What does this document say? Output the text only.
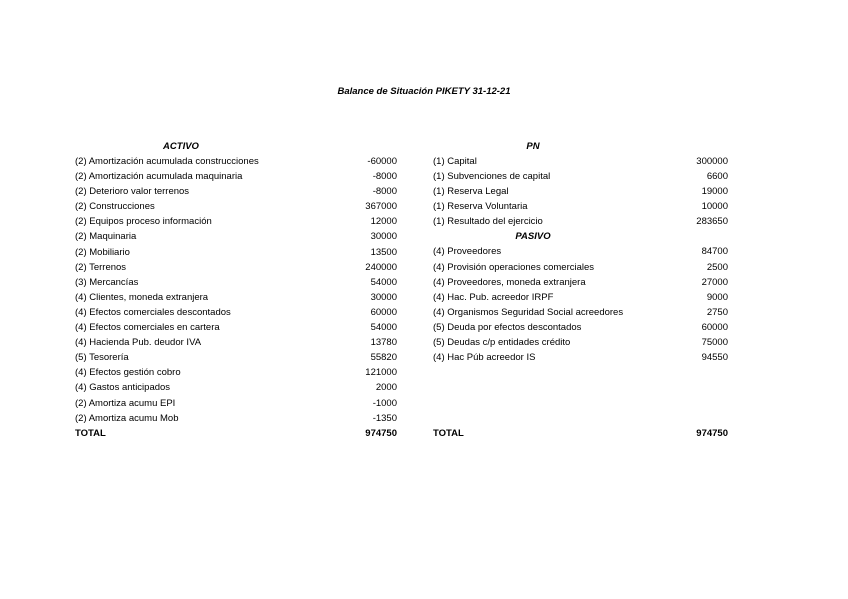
Balance de Situación PIKETY 31-12-21
ACTIVO
(2) Amortización acumulada construcciones	-60000
(2) Amortización acumulada maquinaria	-8000
(2) Deterioro valor terrenos	-8000
(2) Construcciones	367000
(2) Equipos proceso información	12000
(2) Maquinaria	30000
(2) Mobiliario	13500
(2) Terrenos	240000
(3) Mercancías	54000
(4) Clientes, moneda extranjera	30000
(4) Efectos comerciales descontados	60000
(4) Efectos comerciales en cartera	54000
(4) Hacienda Pub. deudor IVA	13780
(5) Tesorería	55820
(4) Efectos gestión cobro	121000
(4) Gastos anticipados	2000
(2) Amortiza acumu EPI	-1000
(2) Amortiza acumu Mob	-1350
TOTAL	974750
PN
(1) Capital	300000
(1) Subvenciones de capital	6600
(1) Reserva Legal	19000
(1) Reserva Voluntaria	10000
(1) Resultado del ejercicio	283650
PASIVO
(4) Proveedores	84700
(4) Provisión operaciones comerciales	2500
(4) Proveedores, moneda extranjera	27000
(4) Hac. Pub. acreedor IRPF	9000
(4) Organismos Seguridad Social acreedores	2750
(5) Deuda por efectos descontados	60000
(5) Deudas c/p entidades crédito	75000
(4) Hac Púb acreedor IS	94550
TOTAL	974750
